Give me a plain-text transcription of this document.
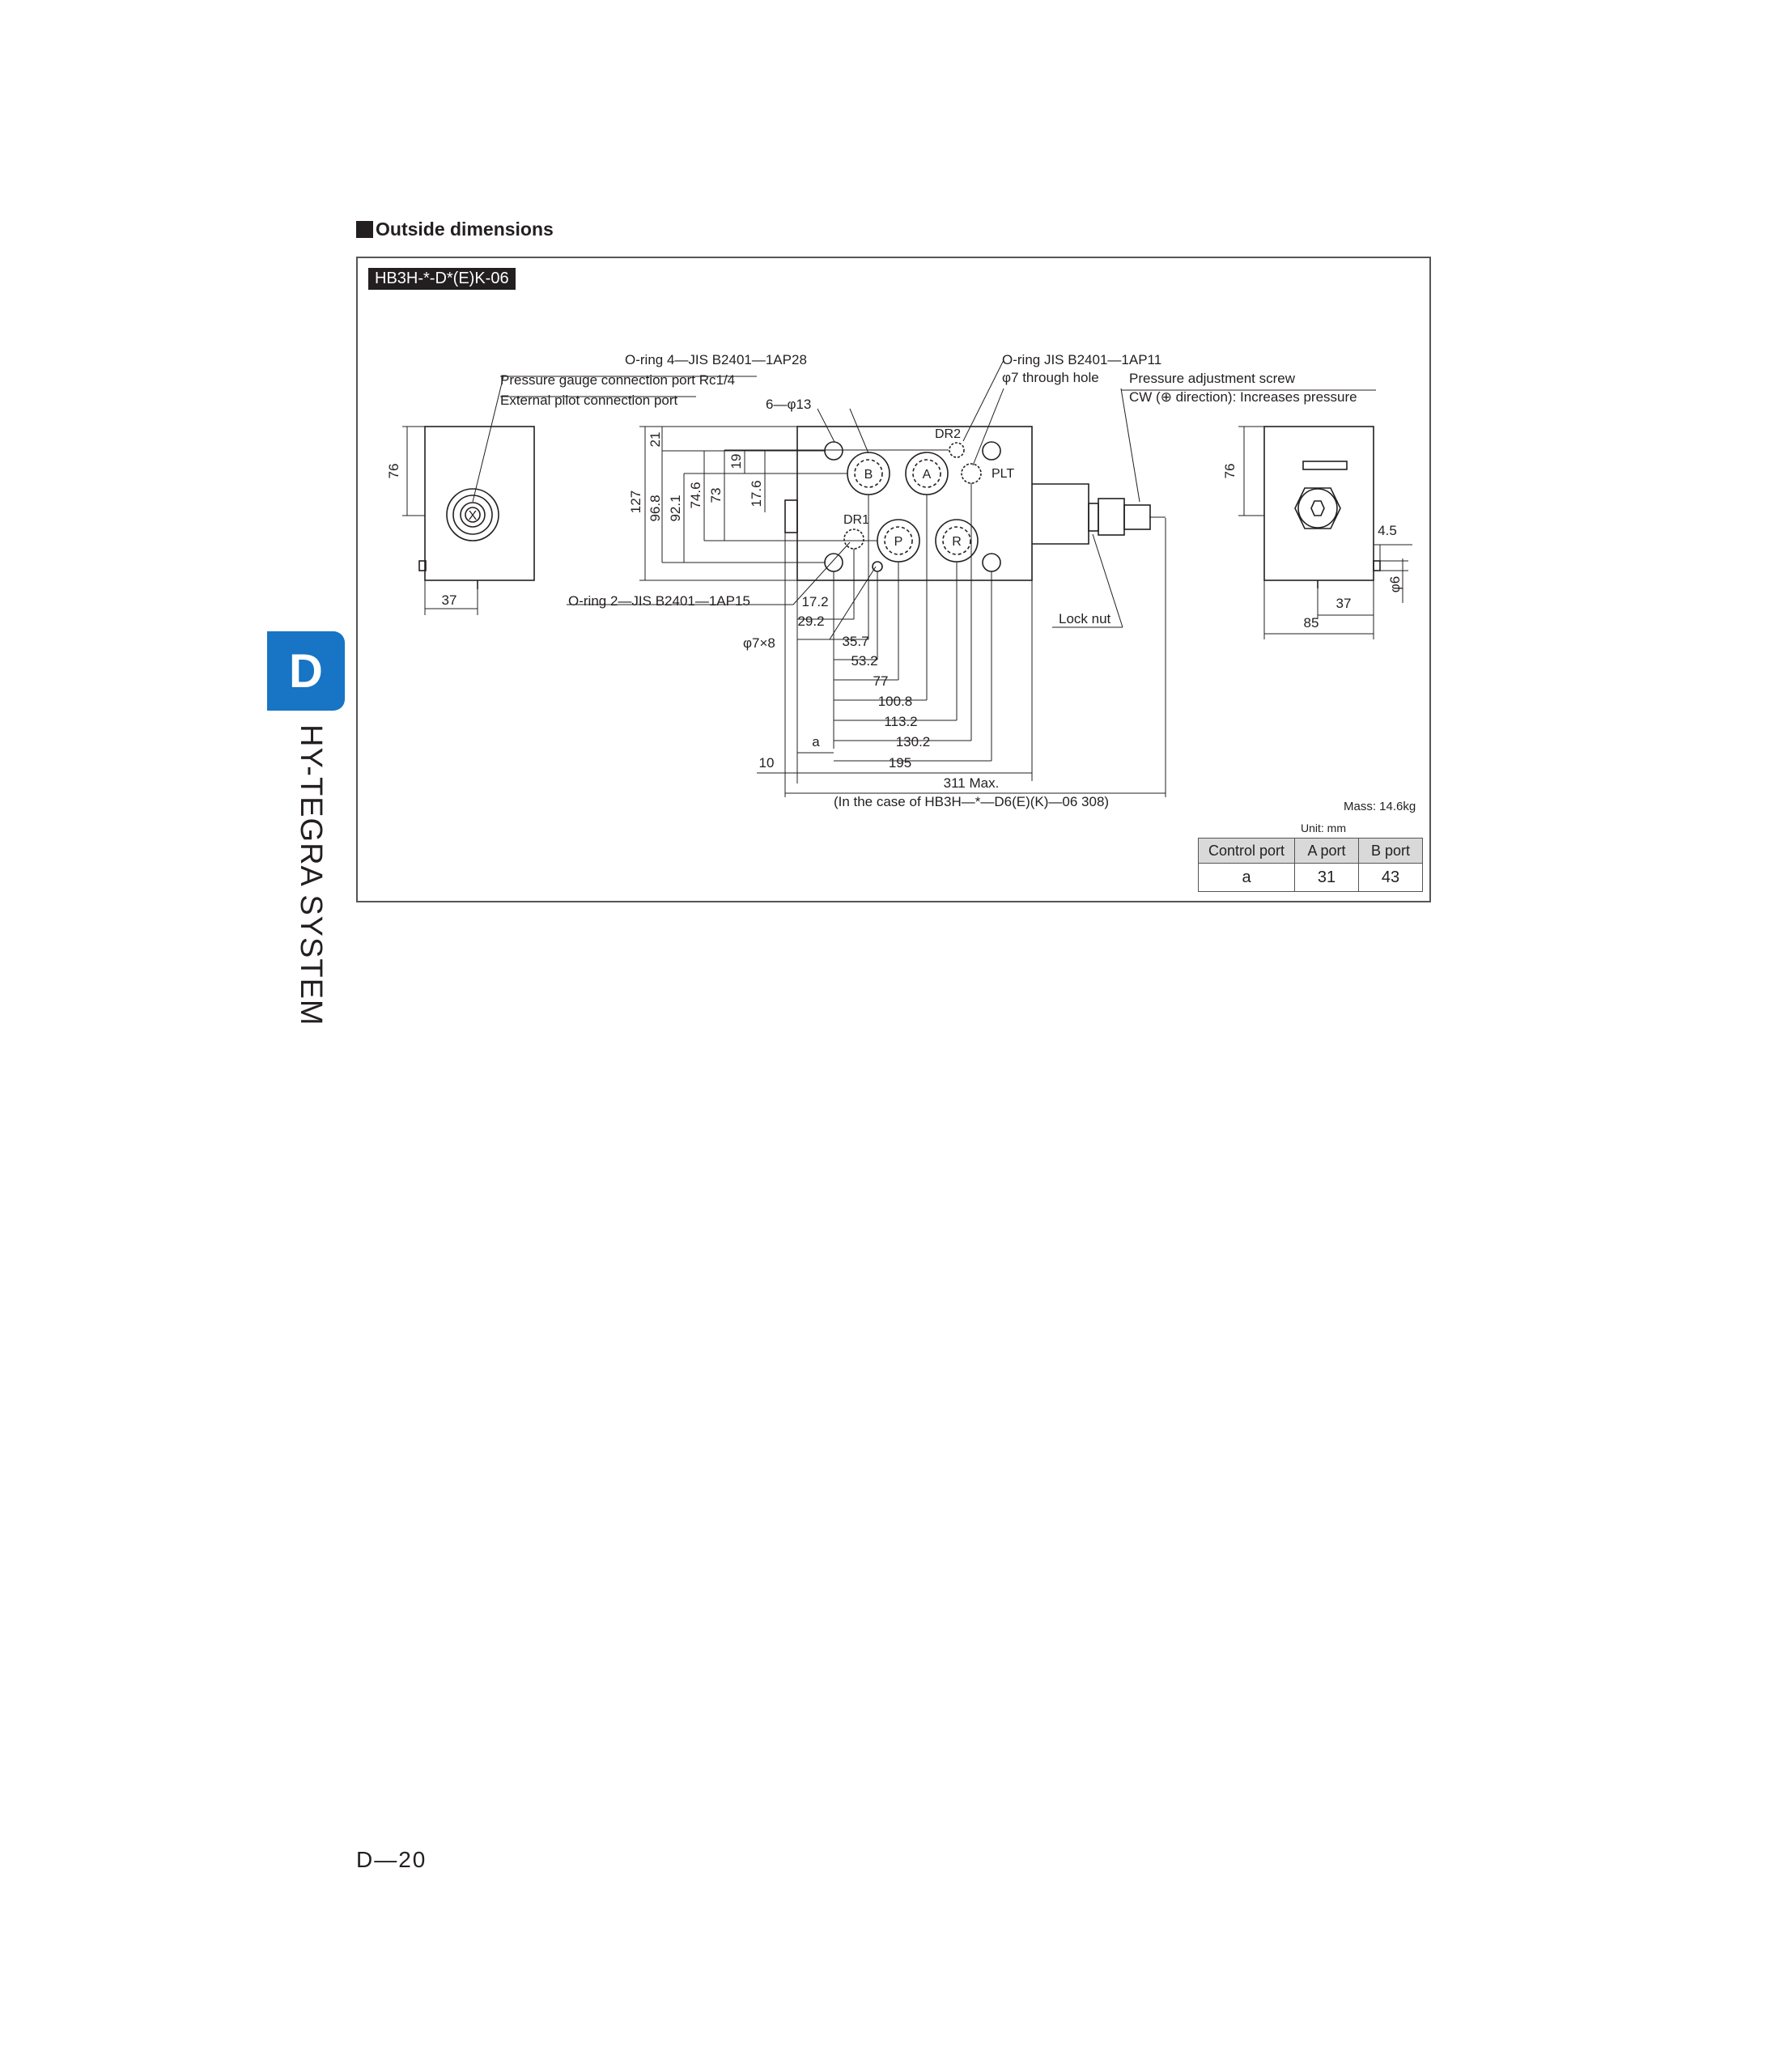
Outside dimensions
HB3H-*-D*(E)K-06
B	A
P	R
X
PLT
DR1
DR2
O-ring 4—JIS B2401—1AP28
Pressure gauge connection port Rc1/4
External pilot connection port	6—φ13
O-ring JIS B2401—1AP11
φ7 through hole Pressure adjustment screw
CW (⊕ direction): Increases pressure
O-ring 2—JIS B2401—1AP15
Lock nut
φ7×8
76
21
127 96.8 92.1 74.6 73
19
17.6
76
φ6
37	17.2
29.2
35.7
53.2
77
100.8
113.2
130.2
a
195
10
311 Max.
(In the case of HB3H—*—D6(E)(K)—06 308)
4.5
37
85
Mass: 14.6kg
Unit: mm
Control port	A port	B port
a	31	43
D
HY-TEGRA SYSTEM
D—20
